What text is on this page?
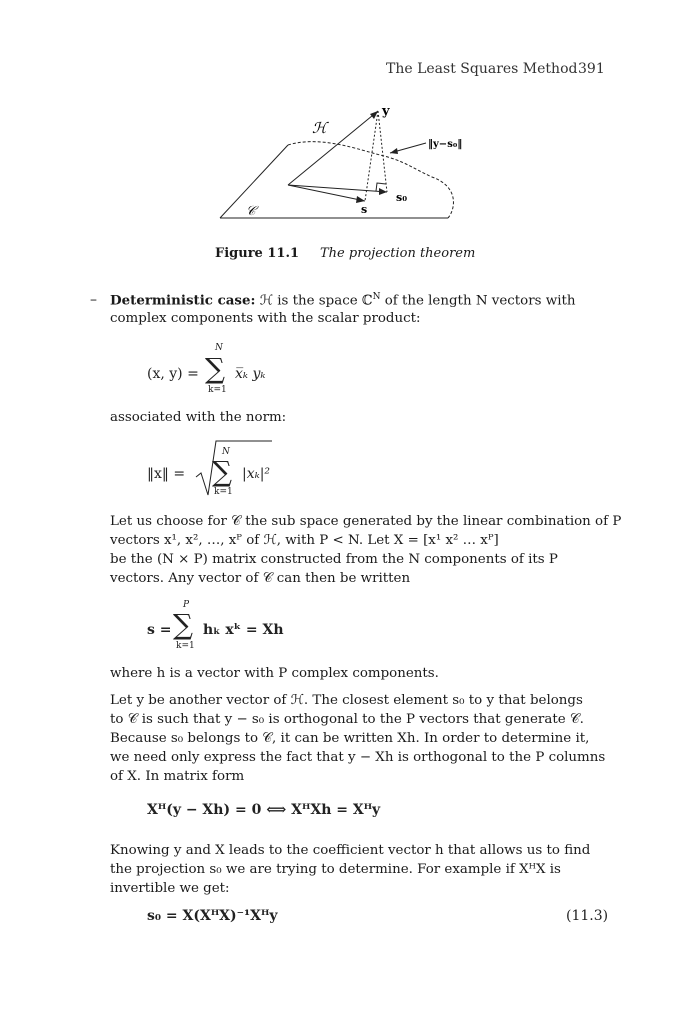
The Least Squares Method 391
ℋ
y
‖y−s₀‖
s₀
s
𝒞
Figure 11.1 The projection theorem
– Deterministic case: ℋ is the space ℂ$^N$ of the length N vectors with
complex components with the scalar product:
(x, y) =
N
∑
k=1
x̅ₖ yₖ
associated with the norm:
‖x‖ =
N
∑
k=1
|xₖ|²
Let us choose for 𝒞 the sub space generated by the linear combination of P
vectors x¹, x², …, xᴾ of ℋ, with P < N. Let X = [x¹ x² … xᴾ]
be the (N × P) matrix constructed from the N components of its P
vectors. Any vector of 𝒞 can then be written
s =
P
∑
k=1
hₖ xᵏ = Xh
where h is a vector with P complex components.
Let y be another vector of ℋ. The closest element s₀ to y that belongs
to 𝒞 is such that y − s₀ is orthogonal to the P vectors that generate 𝒞.
Because s₀ belongs to 𝒞, it can be written Xh. In order to determine it,
we need only express the fact that y − Xh is orthogonal to the P columns
of X. In matrix form
Xᴴ(y − Xh) = 0 ⟺ XᴴXh = Xᴴy
Knowing y and X leads to the coefficient vector h that allows us to find
the projection s₀ we are trying to determine. For example if XᴴX is
invertible we get:
s₀ = X(XᴴX)⁻¹Xᴴy	(11.3)
